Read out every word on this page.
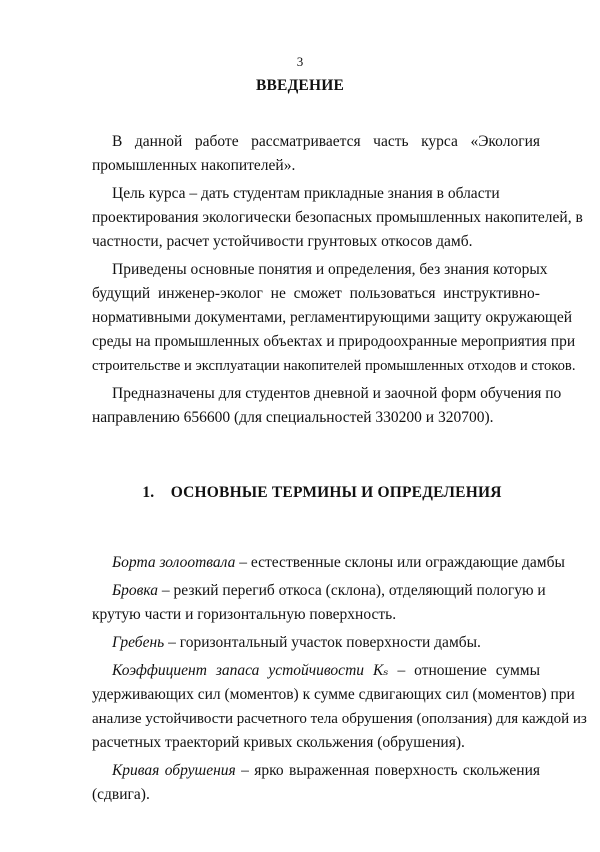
3
ВВЕДЕНИЕ
В данной работе рассматривается часть курса «Экология
промышленных накопителей».
Цель курса – дать студентам прикладные знания в области
проектирования экологически безопасных промышленных накопителей, в
частности, расчет устойчивости грунтовых откосов дамб.
Приведены основные понятия и определения, без знания которых
будущий инженер-эколог не сможет пользоваться инструктивно-
нормативными документами, регламентирующими защиту окружающей
среды на промышленных объектах и природоохранные мероприятия при
строительстве и эксплуатации накопителей промышленных отходов и стоков.
Предназначены для студентов дневной и заочной форм обучения по
направлению 656600 (для специальностей 330200 и 320700).
1. ОСНОВНЫЕ ТЕРМИНЫ И ОПРЕДЕЛЕНИЯ
Борта золоотвала – естественные склоны или ограждающие дамбы
Бровка – резкий перегиб откоса (склона), отделяющий пологую и
крутую части и горизонтальную поверхность.
Гребень – горизонтальный участок поверхности дамбы.
Коэффициент запаса устойчивости Kₛ – отношение суммы
удерживающих сил (моментов) к сумме сдвигающих сил (моментов) при
анализе устойчивости расчетного тела обрушения (оползания) для каждой из
расчетных траекторий кривых скольжения (обрушения).
Кривая обрушения – ярко выраженная поверхность скольжения
(сдвига).
